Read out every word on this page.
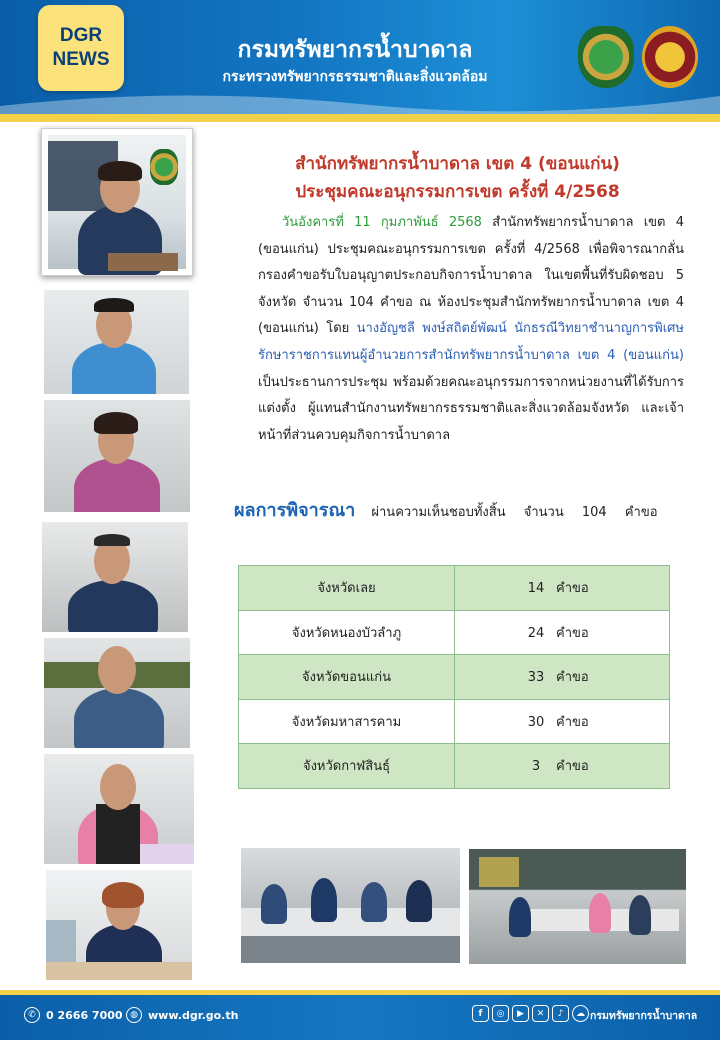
DGR
NEWS	กรมทรัพยากรน้ำบาดาล
กระทรวงทรัพยากรธรรมชาติและสิ่งแวดล้อม
สำนักทรัพยากรน้ำบาดาล เขต 4 (ขอนแก่น)
ประชุมคณะอนุกรรมการเขต ครั้งที่ 4/2568

วันอังคารที่ 11 กุมภาพันธ์ 2568 สำนักทรัพยากรน้ำบาดาล เขต 4 (ขอนแก่น) ประชุมคณะอนุกรรมการเขต ครั้งที่ 4/2568 เพื่อพิจารณากลั่นกรองคำขอรับใบอนุญาตประกอบกิจการน้ำบาดาล ในเขตพื้นที่รับผิดชอบ 5 จังหวัด จำนวน 104 คำขอ ณ ห้องประชุมสำนักทรัพยากรน้ำบาดาล เขต 4 (ขอนแก่น) โดย นางอัญชลี พงษ์สถิตย์พัฒน์ นักธรณีวิทยาชำนาญการพิเศษ รักษาราชการแทนผู้อำนวยการสำนักทรัพยากรน้ำบาดาล เขต 4 (ขอนแก่น) เป็นประธานการประชุม พร้อมด้วยคณะอนุกรรมการจากหน่วยงานที่ได้รับการแต่งตั้ง ผู้แทนสำนักงานทรัพยากรธรรมชาติและสิ่งแวดล้อมจังหวัด และเจ้าหน้าที่ส่วนควบคุมกิจการน้ำบาดาล

ผลการพิจารณา ผ่านความเห็นชอบทั้งสิ้น จำนวน 104 คำขอ
จังหวัดเลย	14 คำขอ
จังหวัดหนองบัวลำภู	24 คำขอ
จังหวัดขอนแก่น	33 คำขอ
จังหวัดมหาสารคาม	30 คำขอ
จังหวัดกาฬสินธุ์	3 คำขอ
✆ 0 2666 7000 ◍ www.dgr.go.th	f	◎	▶	✕	♪	☁ กรมทรัพยากรน้ำบาดาล
